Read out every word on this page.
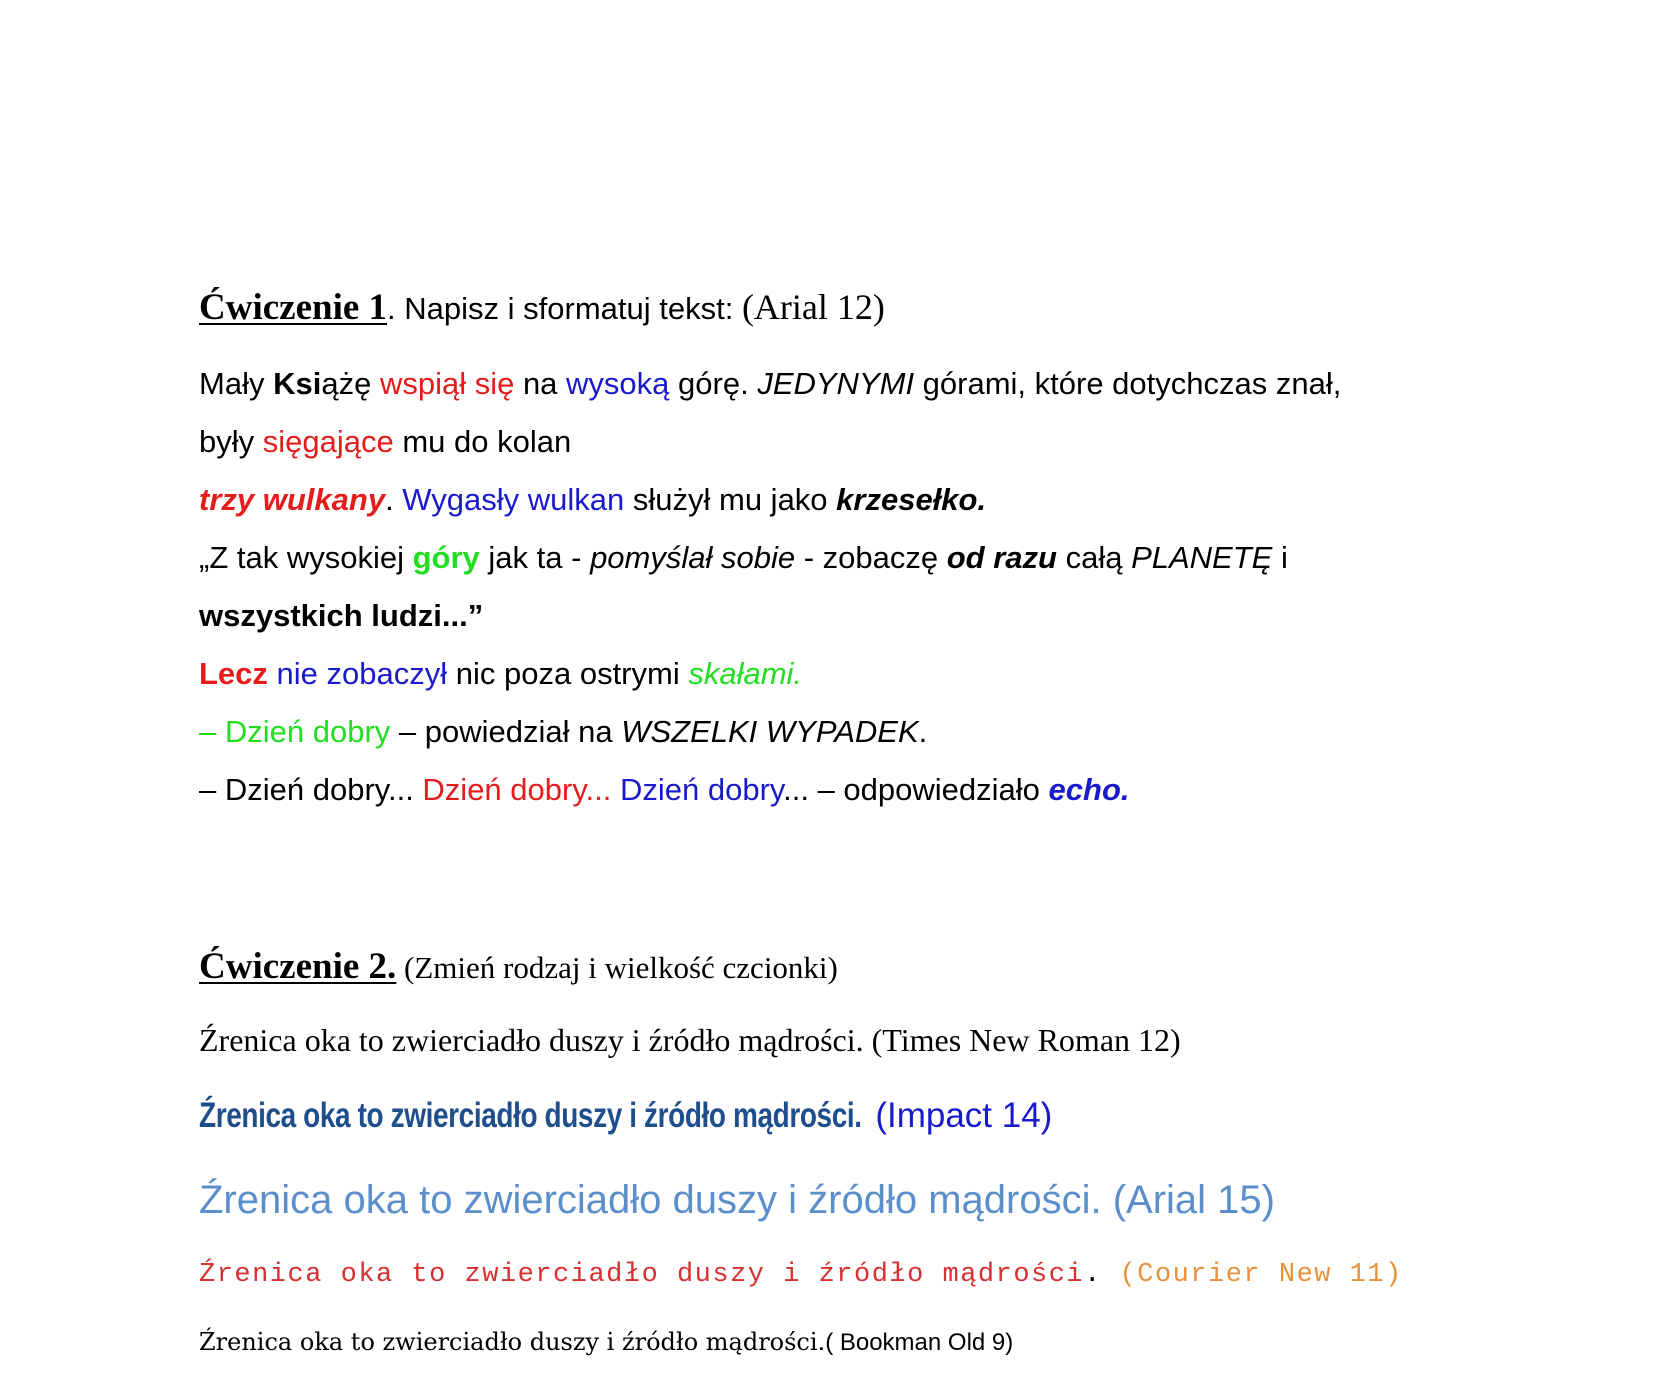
Ćwiczenie 1. Napisz i sformatuj tekst: (Arial 12)
Mały Książę wspiął się na wysoką górę. JEDYNYMI górami, które dotychczas znał,
były sięgające mu do kolan
trzy wulkany. Wygasły wulkan służył mu jako krzesełko.
„Z tak wysokiej góry jak ta - pomyślał sobie - zobaczę od razu całą PLANETĘ i
wszystkich ludzi...”
Lecz nie zobaczył nic poza ostrymi skałami.
– Dzień dobry – powiedział na WSZELKI WYPADEK.
– Dzień dobry... Dzień dobry... Dzień dobry... – odpowiedziało echo.
Ćwiczenie 2. (Zmień rodzaj i wielkość czcionki)
Źrenica oka to zwierciadło duszy i źródło mądrości. (Times New Roman 12)
Źrenica oka to zwierciadło duszy i źródło mądrości. (Impact 14)
Źrenica oka to zwierciadło duszy i źródło mądrości. (Arial 15)
Źrenica oka to zwierciadło duszy i źródło mądrości. (Courier New 11)
Źrenica oka to zwierciadło duszy i źródło mądrości.( Bookman Old 9)
